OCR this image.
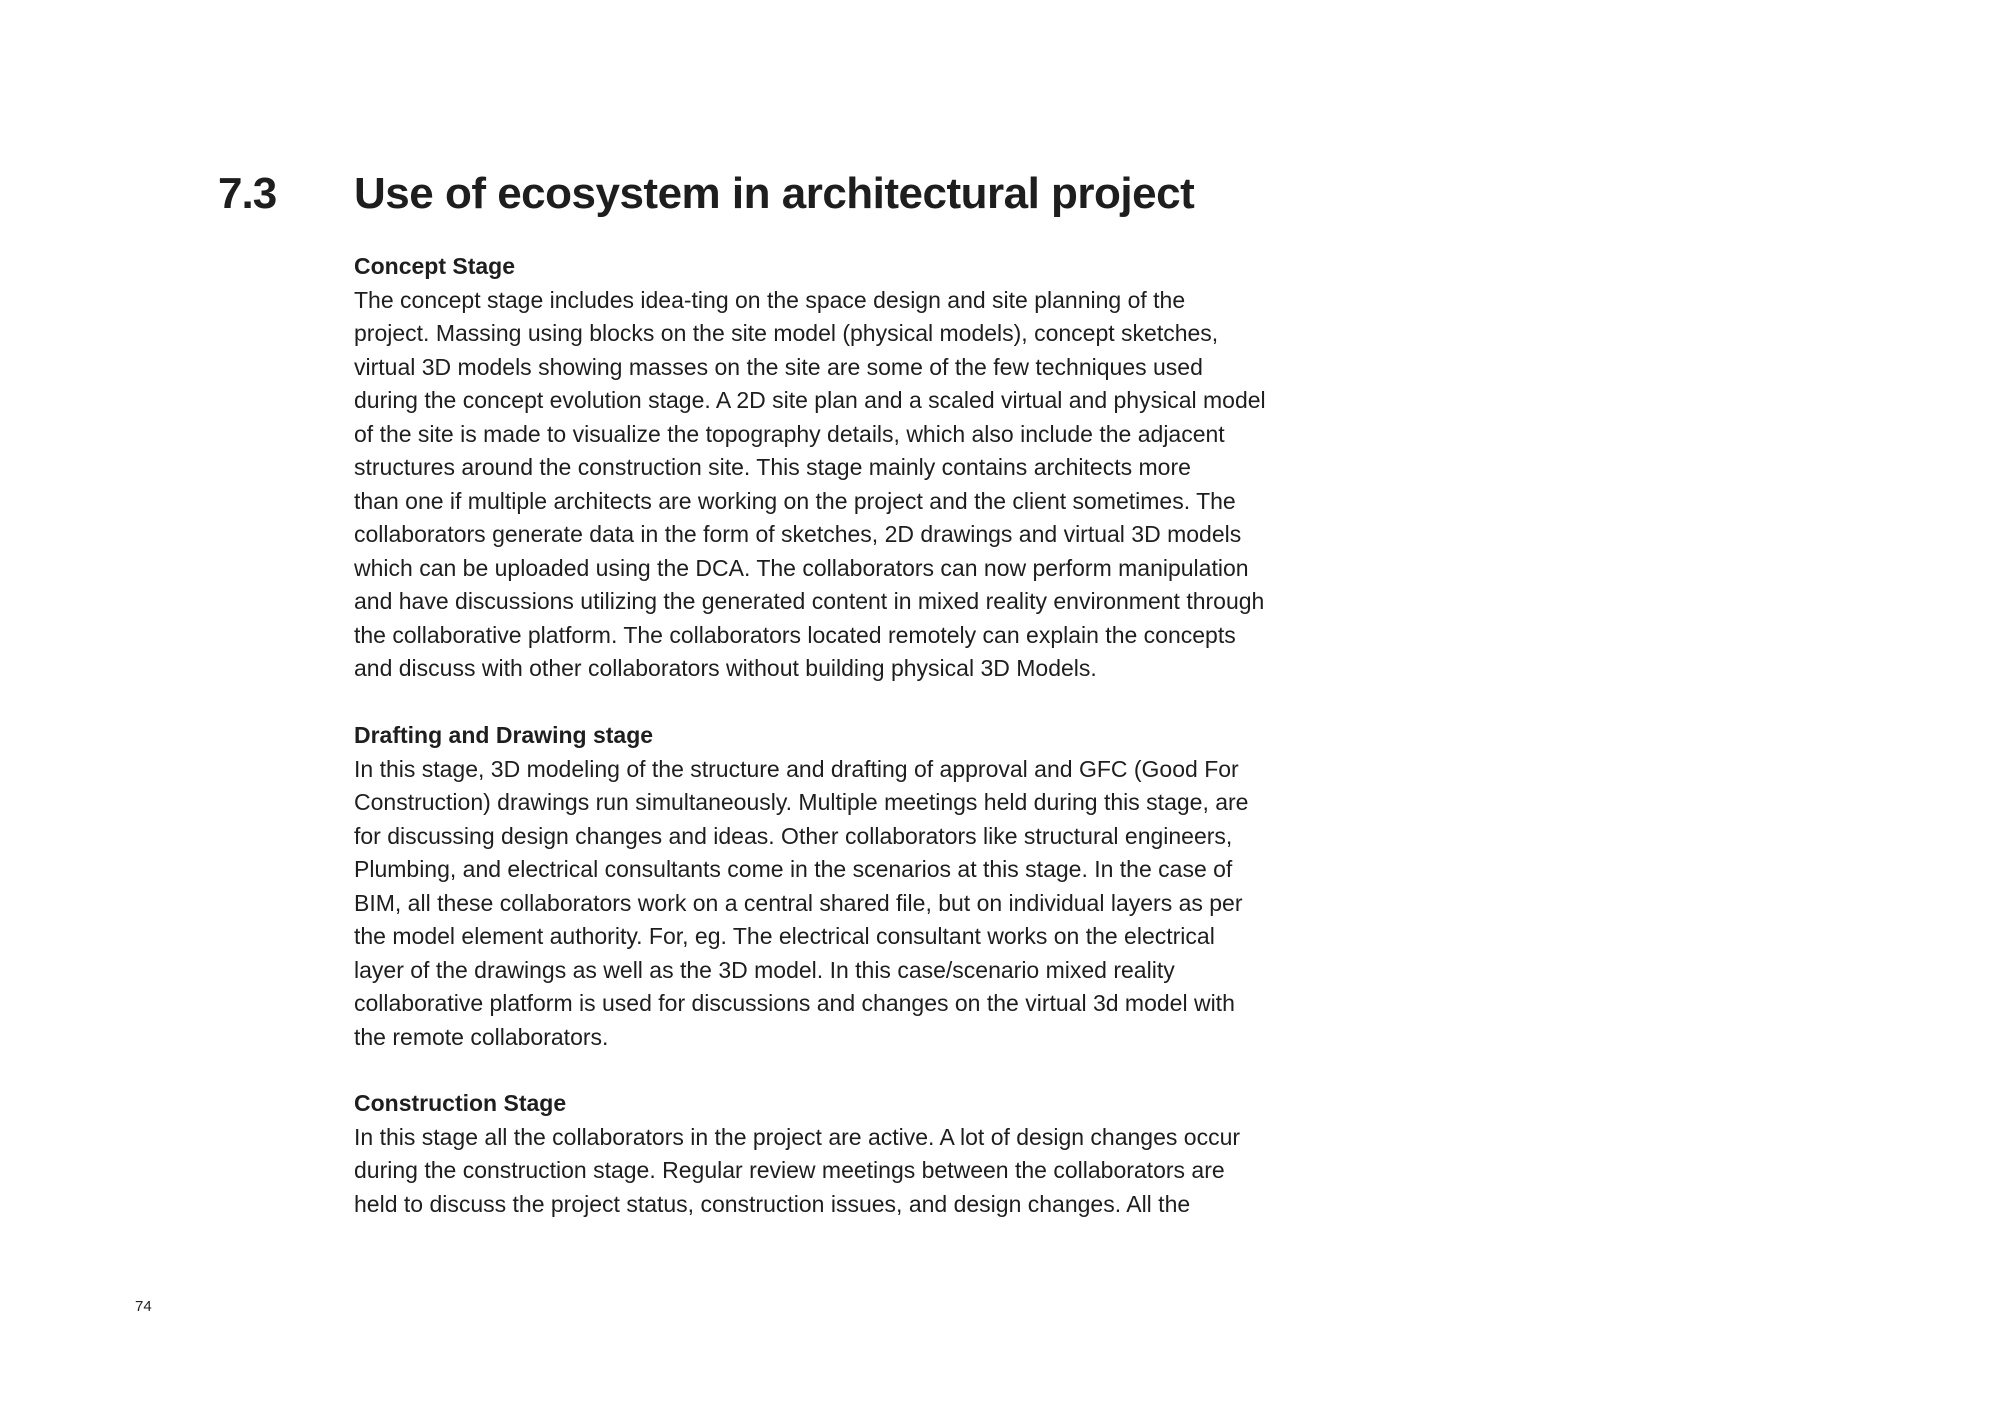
7.3 Use of ecosystem in architectural project
Concept Stage
The concept stage includes idea-ting on the space design and site planning of the
project. Massing using blocks on the site model (physical models), concept sketches,
virtual 3D models showing masses on the site are some of the few techniques used
during the concept evolution stage. A 2D site plan and a scaled virtual and physical model
of the site is made to visualize the topography details, which also include the adjacent
structures around the construction site. This stage mainly contains architects more
than one if multiple architects are working on the project and the client sometimes. The
collaborators generate data in the form of sketches, 2D drawings and virtual 3D models
which can be uploaded using the DCA. The collaborators can now perform manipulation
and have discussions utilizing the generated content in mixed reality environment through
the collaborative platform. The collaborators located remotely can explain the concepts
and discuss with other collaborators without building physical 3D Models.
Drafting and Drawing stage
In this stage, 3D modeling of the structure and drafting of approval and GFC (Good For
Construction) drawings run simultaneously. Multiple meetings held during this stage, are
for discussing design changes and ideas. Other collaborators like structural engineers,
Plumbing, and electrical consultants come in the scenarios at this stage. In the case of
BIM, all these collaborators work on a central shared file, but on individual layers as per
the model element authority. For, eg. The electrical consultant works on the electrical
layer of the drawings as well as the 3D model. In this case/scenario mixed reality
collaborative platform is used for discussions and changes on the virtual 3d model with
the remote collaborators.
Construction Stage
In this stage all the collaborators in the project are active. A lot of design changes occur
during the construction stage. Regular review meetings between the collaborators are
held to discuss the project status, construction issues, and design changes. All the
74
